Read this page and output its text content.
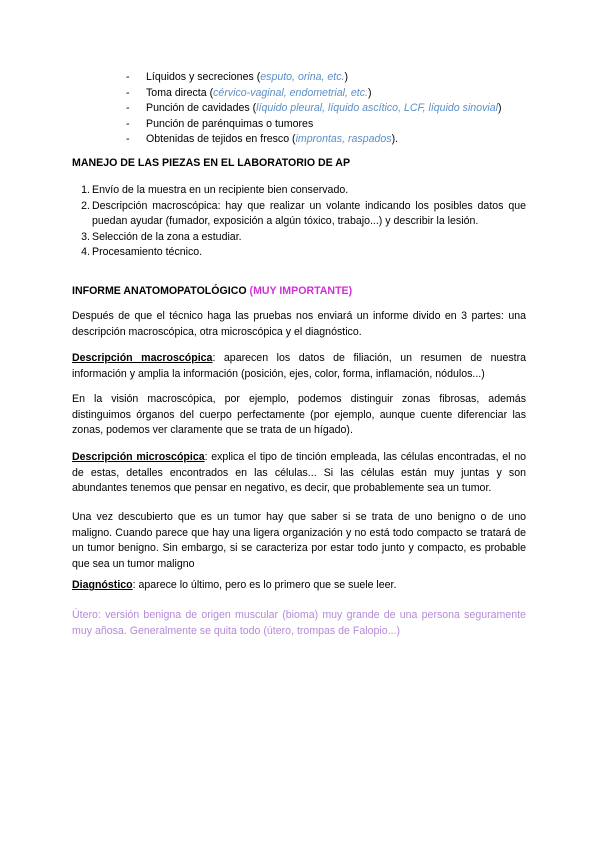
- Líquidos y secreciones (esputo, orina, etc.)
- Toma directa (cérvico-vaginal, endometrial, etc.)
- Punción de cavidades (líquido pleural, líquido ascítico, LCF, líquido sinovial)
- Punción de parénquimas o tumores
- Obtenidas de tejidos en fresco (improntas, raspados).
MANEJO DE LAS PIEZAS EN EL LABORATORIO DE AP
1. Envío de la muestra en un recipiente bien conservado.
2. Descripción macroscópica: hay que realizar un volante indicando los posibles datos que puedan ayudar (fumador, exposición a algún tóxico, trabajo...) y describir la lesión.
3. Selección de la zona a estudiar.
4. Procesamiento técnico.
INFORME ANATOMOPATOLÓGICO (MUY IMPORTANTE)

Después de que el técnico haga las pruebas nos enviará un informe divido en 3 partes: una descripción macroscópica, otra microscópica y el diagnóstico.

Descripción macroscópica: aparecen los datos de filiación, un resumen de nuestra información y amplia la información (posición, ejes, color, forma, inflamación, nódulos...)

En la visión macroscópica, por ejemplo, podemos distinguir zonas fibrosas, además distinguimos órganos del cuerpo perfectamente (por ejemplo, aunque cuente diferenciar las zonas, podemos ver claramente que se trata de un hígado).

Descripción microscópica: explica el tipo de tinción empleada, las células encontradas, el no de estas, detalles encontrados en las células... Si las células están muy juntas y son abundantes tenemos que pensar en negativo, es decir, que probablemente sea un tumor.

Una vez descubierto que es un tumor hay que saber si se trata de uno benigno o de uno maligno. Cuando parece que hay una ligera organización y no está todo compacto se tratará de un tumor benigno. Sin embargo, si se caracteriza por estar todo junto y compacto, es probable que sea un tumor maligno

Diagnóstico: aparece lo último, pero es lo primero que se suele leer.

Útero: versión benigna de origen muscular (bioma) muy grande de una persona seguramente muy añosa. Generalmente se quita todo (útero, trompas de Falopio...)
